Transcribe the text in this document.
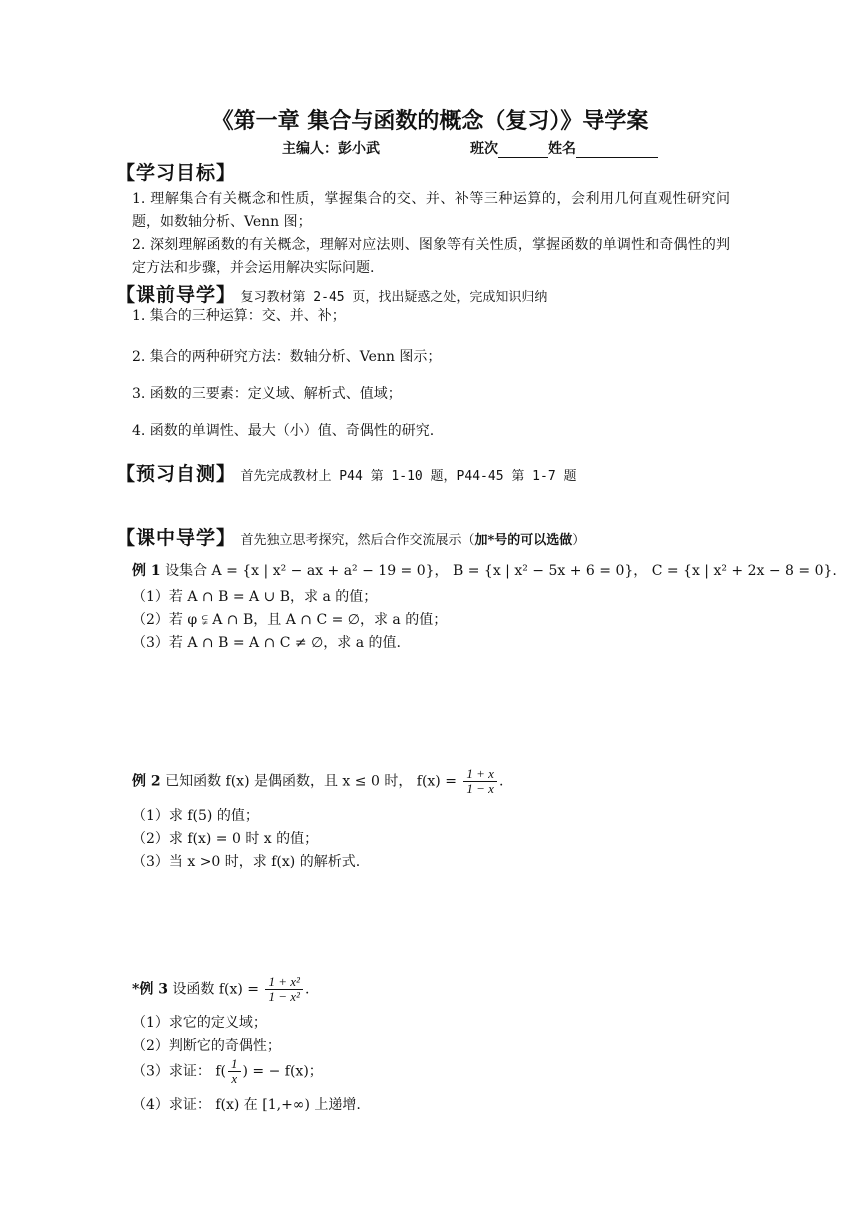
《第一章 集合与函数的概念（复习）》导学案
主编人：彭小武	班次	姓名
【学习目标】

1. 理解集合有关概念和性质，掌握集合的交、并、补等三种运算的，会利用几何直观性研究问题，如数轴分析、Venn 图；

2. 深刻理解函数的有关概念，理解对应法则、图象等有关性质，掌握函数的单调性和奇偶性的判定方法和步骤，并会运用解决实际问题.

【课前导学】 复习教材第 2-45 页，找出疑惑之处，完成知识归纳
1. 集合的三种运算：交、并、补；
2. 集合的两种研究方法：数轴分析、Venn 图示；
3. 函数的三要素：定义域、解析式、值域；
4. 函数的单调性、最大（小）值、奇偶性的研究.
【预习自测】 首先完成教材上 P44 第 1-10 题，P44-45 第 1-7 题
【课中导学】 首先独立思考探究，然后合作交流展示（加*号的可以选做）
例 1 设集合 A = {x | x² − ax + a² − 19 = 0}， B = {x | x² − 5x + 6 = 0}， C = {x | x² + 2x − 8 = 0}.
（1）若 A ∩ B = A ∪ B，求 a 的值；
（2）若 φ ⫋ A ∩ B，且 A ∩ C = ∅，求 a 的值；
（3）若 A ∩ B = A ∩ C ≠ ∅，求 a 的值.
例 2 已知函数 f(x) 是偶函数，且 x ≤ 0 时， $f(x) = \frac{1 + x}{1 - x}$ .
（1）求 f(5) 的值；
（2）求 f(x) = 0 时 x 的值；
（3）当 x >0 时，求 f(x) 的解析式.
*例 3 设函数 $f(x) = \frac{\text{1 + x²}}{\text{1 − x²}}$ .
（1）求它的定义域；
（2）判断它的奇偶性；
（3）求证： $f( \frac{1}{x}$ ) = − f(x)；
（4）求证： f(x) 在 [1,+∞) 上递增.
